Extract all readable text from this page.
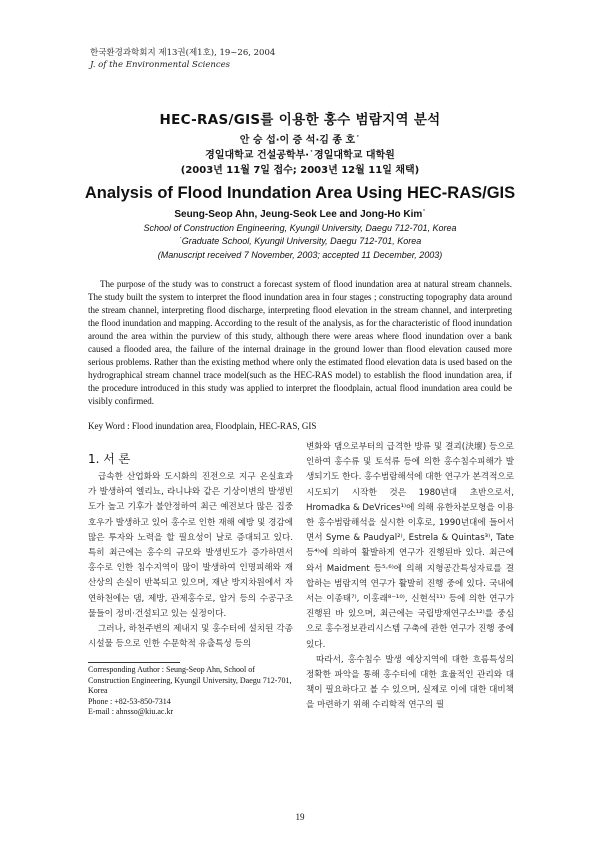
한국환경과학회지 제13권(제1호), 19~26, 2004
J. of the Environmental Sciences
HEC-RAS/GIS를 이용한 홍수 범람지역 분석
안 승 섭·이 증 석·김 종 호˙
경일대학교 건설공학부·˙경일대학교 대학원
(2003년 11월 7일 접수; 2003년 12월 11일 채택)
Analysis of Flood Inundation Area Using HEC-RAS/GIS
Seung-Seop Ahn, Jeung-Seok Lee and Jong-Ho Kim˙
School of Construction Engineering, Kyungil University, Daegu 712-701, Korea
˙Graduate School, Kyungil University, Daegu 712-701, Korea
(Manuscript received 7 November, 2003; accepted 11 December, 2003)

The purpose of the study was to construct a forecast system of flood inundation area at natural stream channels. The study built the system to interpret the flood inundation area in four stages ; constructing topography data around the stream channel, interpreting flood discharge, interpreting flood elevation in the stream channel, and interpreting the flood inundation and mapping. According to the result of the analysis, as for the characteristic of flood inundation around the area within the purview of this study, although there were areas where flood inundation over a bank caused a flooded area, the failure of the internal drainage in the ground lower than flood elevation caused more serious problems. Rather than the existing method where only the estimated flood elevation data is used based on the hydrographical stream channel trace model(such as the HEC-RAS model) to establish the flood inundation area, if the procedure introduced in this study was applied to interpret the floodplain, actual flood inundation area could be visibly confirmed.

Key Word : Flood inundation area, Floodplain, HEC-RAS, GIS
1. 서 론

급속한 산업화와 도시화의 진전으로 지구 온실효과가 발생하여 엘리뇨, 라니냐와 같은 기상이변의 발생빈도가 높고 기후가 불안정하여 최근 예전보다 많은 집중호우가 발생하고 있어 홍수로 인한 재해 예방 및 경감에 많은 투자와 노력을 할 필요성이 날로 증대되고 있다. 특히 최근에는 홍수의 규모와 발생빈도가 증가하면서 홍수로 인한 침수지역이 많이 발생하여 인명피해와 재산상의 손실이 반복되고 있으며, 재난 방지차원에서 자연하천에는 댐, 제방, 관제홍수로, 암거 등의 수공구조물들이 정비·건설되고 있는 실정이다.

그러나, 하천주변의 제내지 및 홍수터에 설치된 각종 시설물 등으로 인한 수문학적 유출특성 등의

Corresponding Author : Seung-Seop Ahn, School of Construction Engineering, Kyungil University, Daegu 712-701, Korea

Phone : +82-53-850-7314

E-mail : ahnsso@kiu.ac.kr

변화와 댐으로부터의 급격한 방류 및 결괴(決壞) 등으로 인하여 홍수류 및 토석류 등에 의한 홍수침수피해가 발생되기도 한다. 홍수범람해석에 대한 연구가 본격적으로 시도되기 시작한 것은 1980년대 초반으로서, Hromadka & DeVrices¹⁾에 의해 유한차분모형을 이용한 홍수범람해석을 실시한 이후로, 1990년대에 들어서면서 Syme & Paudyal²⁾, Estrela & Quintas³⁾, Tate 등⁴⁾에 의하여 활발하게 연구가 진행된바 있다. 최근에 와서 Maidment 등⁵·⁶⁾에 의해 지형공간특성자료를 결합하는 범람지역 연구가 활발히 진행 중에 있다. 국내에서는 이종태⁷⁾, 이홍래⁸⁻¹⁰⁾, 신현석¹¹⁾ 등에 의한 연구가 진행된 바 있으며, 최근에는 국립방재연구소¹²⁾를 중심으로 홍수정보관리시스템 구축에 관한 연구가 진행 중에 있다.

따라서, 홍수침수 발생 예상지역에 대한 흐름특성의 정확한 파악을 통해 홍수터에 대한 효율적인 관리와 대책이 필요하다고 볼 수 있으며, 실제로 이에 대한 대비책을 마련하기 위해 수리학적 연구의 필

19
